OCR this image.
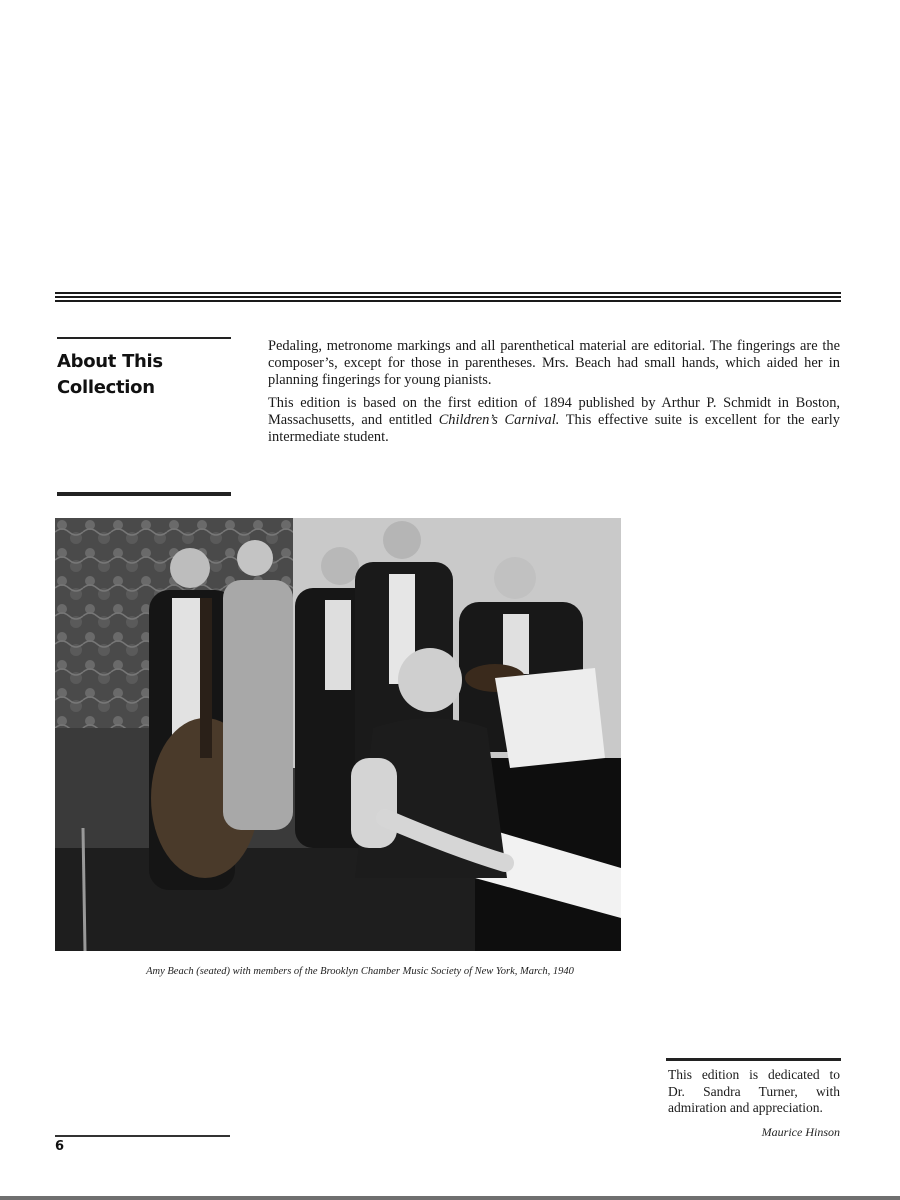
About This
Collection

Pedaling, metronome markings and all parenthetical material are editorial. The fingerings are the composer’s, except for those in parentheses. Mrs. Beach had small hands, which aided her in planning fingerings for young pianists.

This edition is based on the first edition of 1894 published by Arthur P. Schmidt in Boston, Massachusetts, and entitled Children’s Carnival. This effective suite is excellent for the early intermediate student.

Amy Beach (seated) with members of the Brooklyn Chamber Music Society of New York, March, 1940
This edition is dedicated to
Dr. Sandra Turner, with
admiration and appreciation.
Maurice Hinson
6
